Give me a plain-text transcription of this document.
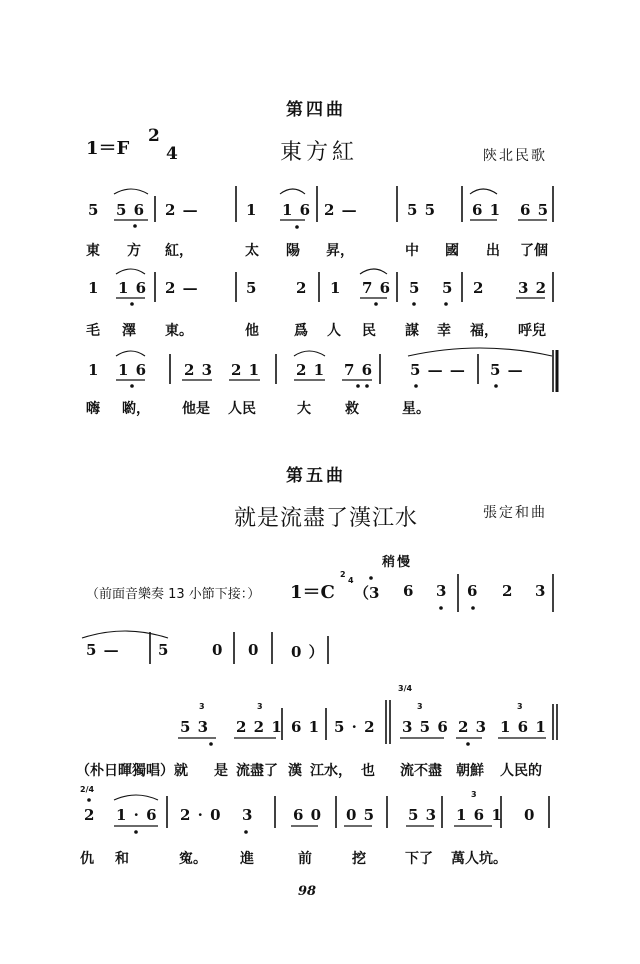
第四曲
1＝F
2
4	東方紅	陝北民歌
5 5 6 2 —	1 1 6 2 —	5 5 6 1 6 5
東 方 紅，	太 陽 昇，	中 國 出 了個
1 1 6 2 —	5	2 1 7 6 5 5 2 3 2
毛 澤 東。	他	爲 人 民 謀 幸 福， 呼兒
1 1 6	2 3 2 1 2 1 7 6	5 — — 5 —
嗨 喲， 他是 人民	大 救	星。
第五曲
就是流盡了漢江水	張定和曲
稍慢
（前面音樂奏 13 小節下接：） 1＝C
2
4
（3 6 3 6 2 3
5 —	5	0 0 0 ）
5 3 2 2 1 6 1 5 · 2 3 5 6 2 3 1 6 1
3/4
3	3	3	3
（朴日暉獨唱）就 是 流盡了 漢 江水， 也 流不盡 朝鮮 人民的
2/4
2 1 · 6 2 · 0 3	6 0 0 5 5 3 1 6 1 0
3
仇 和	寃。 進	前	挖	下了 萬人坑。
98
